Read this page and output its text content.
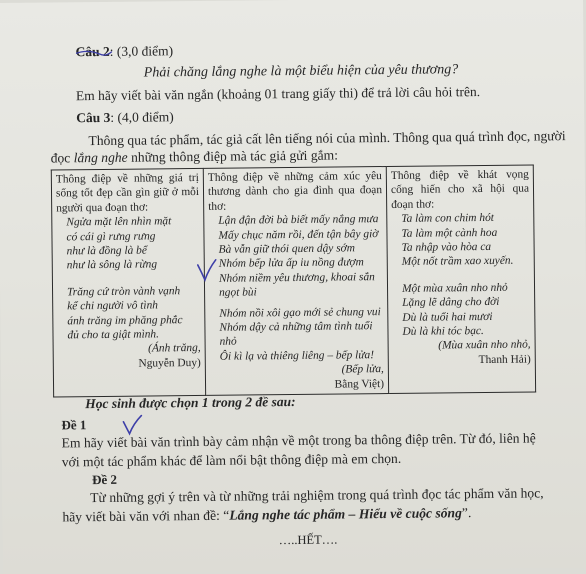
Câu 2: (3,0 điểm)

Phải chăng lắng nghe là một biểu hiện của yêu thương?

Em hãy viết bài văn ngắn (khoảng 01 trang giấy thi) để trả lời câu hỏi trên.

Câu 3: (4,0 điểm)

Thông qua tác phẩm, tác giả cất lên tiếng nói của mình. Thông qua quá trình đọc, người

đọc lắng nghe những thông điệp mà tác giả gửi gắm:

Thông điệp về những giá trị sống tốt đẹp cần gìn giữ ở mỗi người qua đoạn thơ:
Ngửa mặt lên nhìn mặt
có cái gì rưng rưng
như là đồng là bể
như là sông là rừng
Trăng cứ tròn vành vạnh
kể chi người vô tình
ánh trăng im phăng phắc
đủ cho ta giật mình.
(Ánh trăng,
Nguyễn Duy)

Thông điệp về những cảm xúc yêu thương dành cho gia đình qua đoạn thơ:
Lận đận đời bà biết mấy nắng mưa
Mấy chục năm rồi, đến tận bây giờ
Bà vẫn giữ thói quen dậy sớm
Nhóm bếp lửa ấp iu nồng đượm
Nhóm niềm yêu thương, khoai sắn ngọt bùi
Nhóm nồi xôi gạo mới sẻ chung vui
Nhóm dậy cả những tâm tình tuổi nhỏ
Ôi kì lạ và thiêng liêng – bếp lửa!
(Bếp lửa,
Bằng Việt)

Thông điệp về khát vọng cống hiến cho xã hội qua đoạn thơ:
Ta làm con chim hót
Ta làm một cành hoa
Ta nhập vào hòa ca
Một nốt trầm xao xuyến.
Một mùa xuân nho nhỏ
Lặng lẽ dâng cho đời
Dù là tuổi hai mươi
Dù là khi tóc bạc.
(Mùa xuân nho nhỏ,
Thanh Hải)

Học sinh được chọn 1 trong 2 đề sau:

Đề 1
Em hãy viết bài văn trình bày cảm nhận về một trong ba thông điệp trên. Từ đó, liên hệ với một tác phẩm khác để làm nổi bật thông điệp mà em chọn.

Đề 2

Từ những gợi ý trên và từ những trải nghiệm trong quá trình đọc tác phẩm văn học, hãy viết bài văn với nhan đề: “Lắng nghe tác phẩm – Hiểu về cuộc sống”.

…..HẾT….
